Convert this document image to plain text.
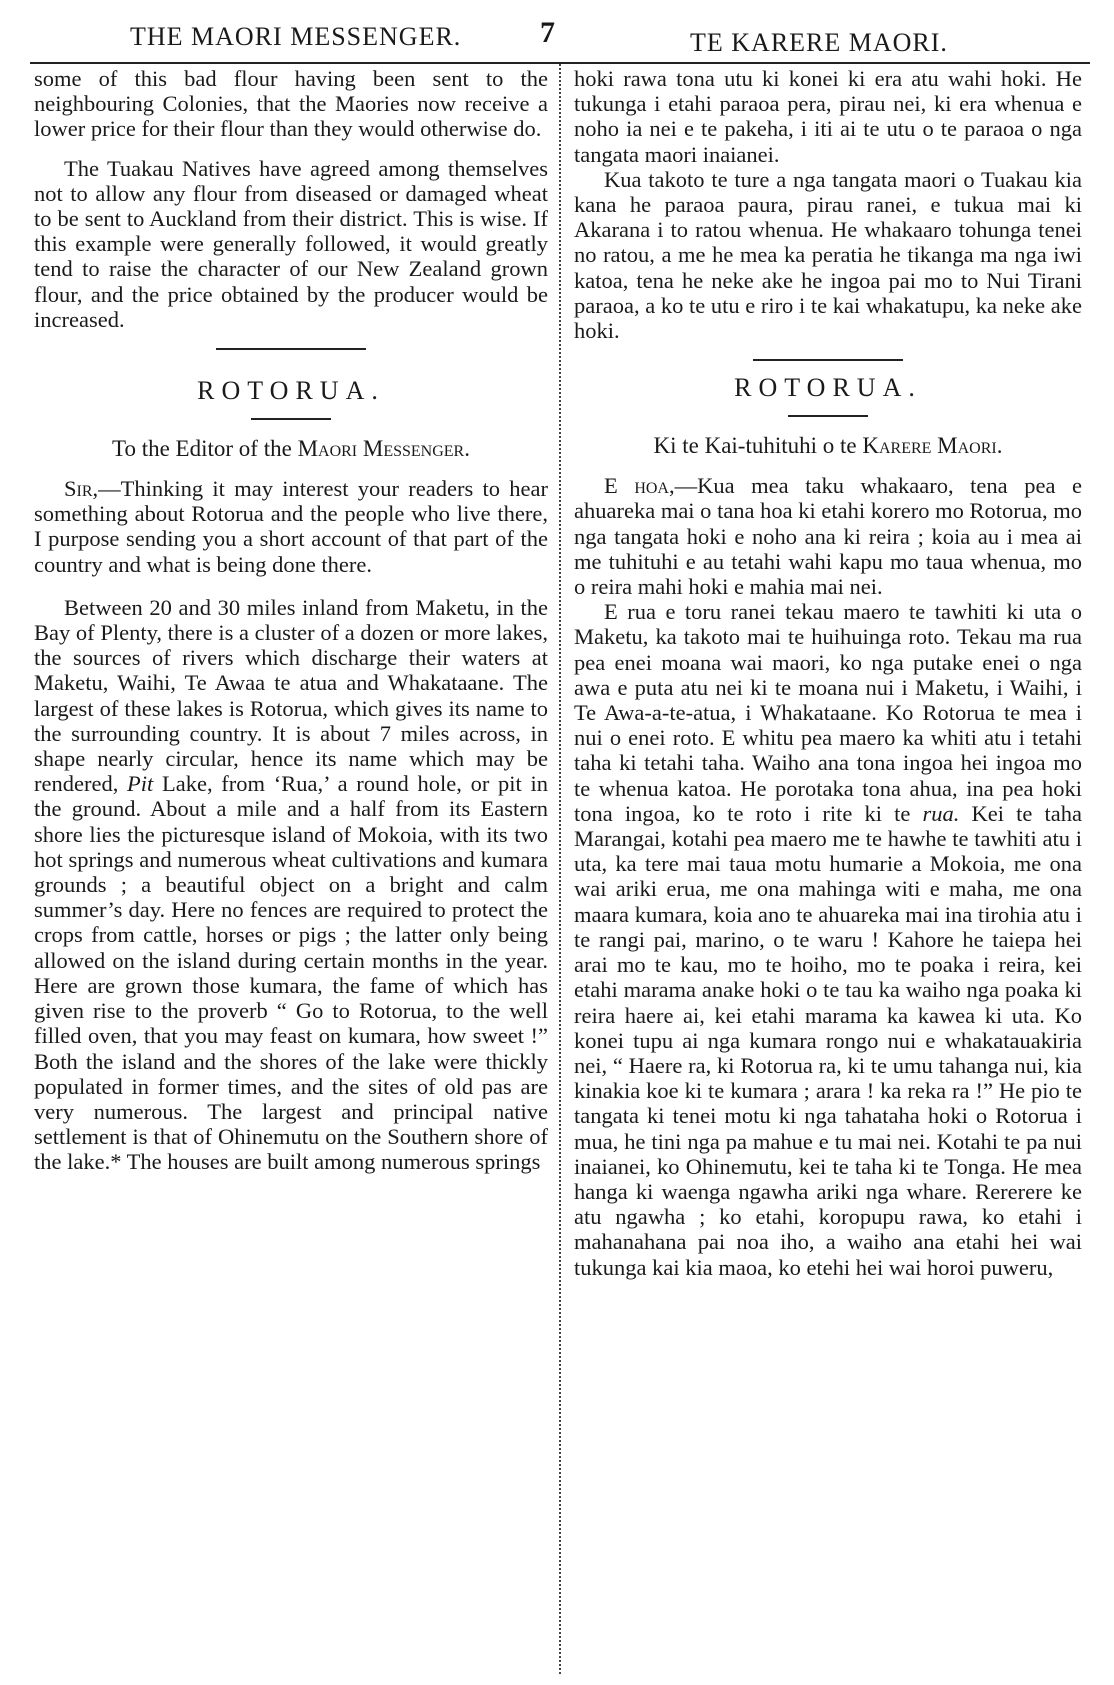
THE MAORI MESSENGER.	7	TE KARERE MAORI.

some of this bad flour having been sent to the neighbouring Colonies, that the Maories now receive a lower price for their flour than they would otherwise do.

The Tuakau Natives have agreed among themselves not to allow any flour from diseased or damaged wheat to be sent to Auckland from their district. This is wise. If this example were generally followed, it would greatly tend to raise the character of our New Zealand grown flour, and the price obtained by the producer would be increased.

ROTORUA.
To the Editor of the Maori Messenger.

Sir,—Thinking it may interest your readers to hear something about Rotorua and the people who live there, I purpose sending you a short account of that part of the country and what is being done there.

Between 20 and 30 miles inland from Maketu, in the Bay of Plenty, there is a cluster of a dozen or more lakes, the sources of rivers which discharge their waters at Maketu, Waihi, Te Awaa te atua and Whakataane. The largest of these lakes is Rotorua, which gives its name to the surrounding country. It is about 7 miles across, in shape nearly circular, hence its name which may be rendered, Pit Lake, from ‘Rua,’ a round hole, or pit in the ground. About a mile and a half from its Eastern shore lies the picturesque island of Mokoia, with its two hot springs and numerous wheat cultivations and kumara grounds ; a beautiful object on a bright and calm summer’s day. Here no fences are required to protect the crops from cattle, horses or pigs ; the latter only being allowed on the island during certain months in the year. Here are grown those kumara, the fame of which has given rise to the proverb “ Go to Rotorua, to the well filled oven, that you may feast on kumara, how sweet !” Both the island and the shores of the lake were thickly populated in former times, and the sites of old pas are very numerous. The largest and principal native settlement is that of Ohinemutu on the Southern shore of the lake.* The houses are built among numerous springs

hoki rawa tona utu ki konei ki era atu wahi hoki. He tukunga i etahi paraoa pera, pirau nei, ki era whenua e noho ia nei e te pakeha, i iti ai te utu o te paraoa o nga tangata maori inaianei.

Kua takoto te ture a nga tangata maori o Tuakau kia kana he paraoa paura, pirau ranei, e tukua mai ki Akarana i to ratou whenua. He whakaaro tohunga tenei no ratou, a me he mea ka peratia he tikanga ma nga iwi katoa, tena he neke ake he ingoa pai mo to Nui Tirani paraoa, a ko te utu e riro i te kai whakatupu, ka neke ake hoki.

ROTORUA.
Ki te Kai-tuhituhi o te Karere Maori.

E hoa,—Kua mea taku whakaaro, tena pea e ahuareka mai o tana hoa ki etahi korero mo Rotorua, mo nga tangata hoki e noho ana ki reira ; koia au i mea ai me tuhituhi e au tetahi wahi kapu mo taua whenua, mo o reira mahi hoki e mahia mai nei.

E rua e toru ranei tekau maero te tawhiti ki uta o Maketu, ka takoto mai te huihuinga roto. Tekau ma rua pea enei moana wai maori, ko nga putake enei o nga awa e puta atu nei ki te moana nui i Maketu, i Waihi, i Te Awa-a-te-atua, i Whakataane. Ko Rotorua te mea i nui o enei roto. E whitu pea maero ka whiti atu i tetahi taha ki tetahi taha. Waiho ana tona ingoa hei ingoa mo te whenua katoa. He porotaka tona ahua, ina pea hoki tona ingoa, ko te roto i rite ki te rua. Kei te taha Marangai, kotahi pea maero me te hawhe te tawhiti atu i uta, ka tere mai taua motu humarie a Mokoia, me ona wai ariki erua, me ona mahinga witi e maha, me ona maara kumara, koia ano te ahuareka mai ina tirohia atu i te rangi pai, marino, o te waru ! Kahore he taiepa hei arai mo te kau, mo te hoiho, mo te poaka i reira, kei etahi marama anake hoki o te tau ka waiho nga poaka ki reira haere ai, kei etahi marama ka kawea ki uta. Ko konei tupu ai nga kumara rongo nui e whakatauakiria nei, “ Haere ra, ki Rotorua ra, ki te umu tahanga nui, kia kinakia koe ki te kumara ; arara ! ka reka ra !” He pio te tangata ki tenei motu ki nga tahataha hoki o Rotorua i mua, he tini nga pa mahue e tu mai nei. Kotahi te pa nui inaianei, ko Ohinemutu, kei te taha ki te Tonga. He mea hanga ki waenga ngawha ariki nga whare. Rererere ke atu ngawha ; ko etahi, koropupu rawa, ko etahi i mahanahana pai noa iho, a waiho ana etahi hei wai tukunga kai kia maoa, ko etehi hei wai horoi puweru,
